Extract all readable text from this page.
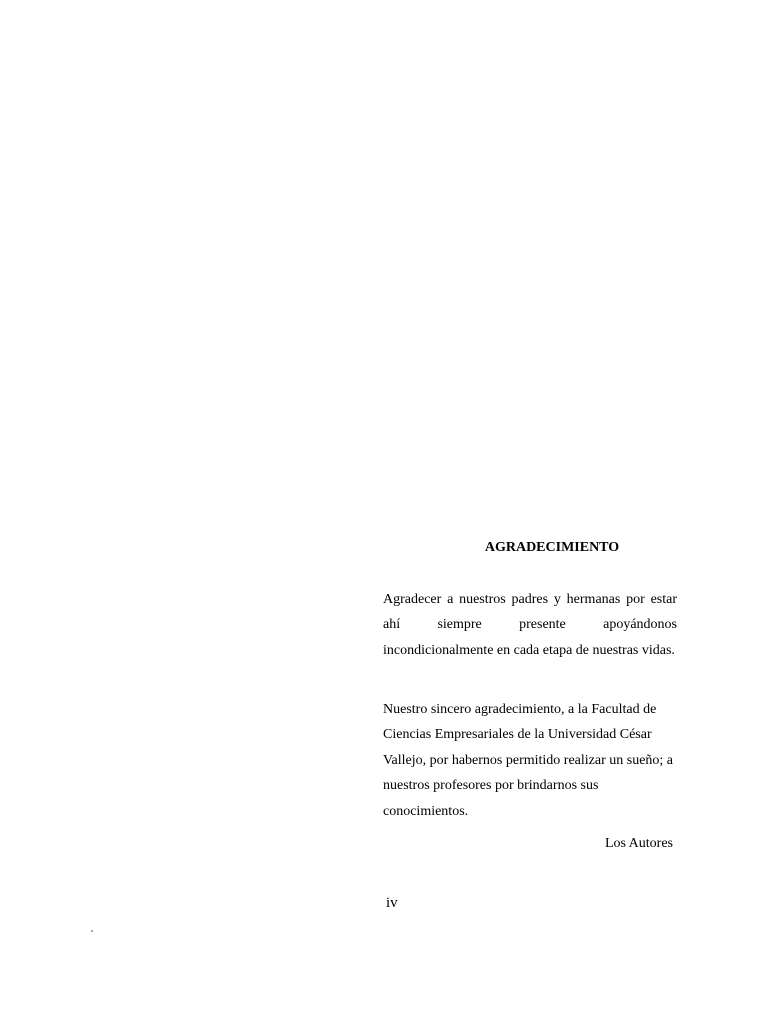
AGRADECIMIENTO

Agradecer a nuestros padres y hermanas por estar ahí siempre presente apoyándonos incondicionalmente en cada etapa de nuestras vidas.

Nuestro sincero agradecimiento, a la Facultad de Ciencias Empresariales de la Universidad César Vallejo, por habernos permitido realizar un sueño; a nuestros profesores por brindarnos sus conocimientos.

Los Autores
iv
